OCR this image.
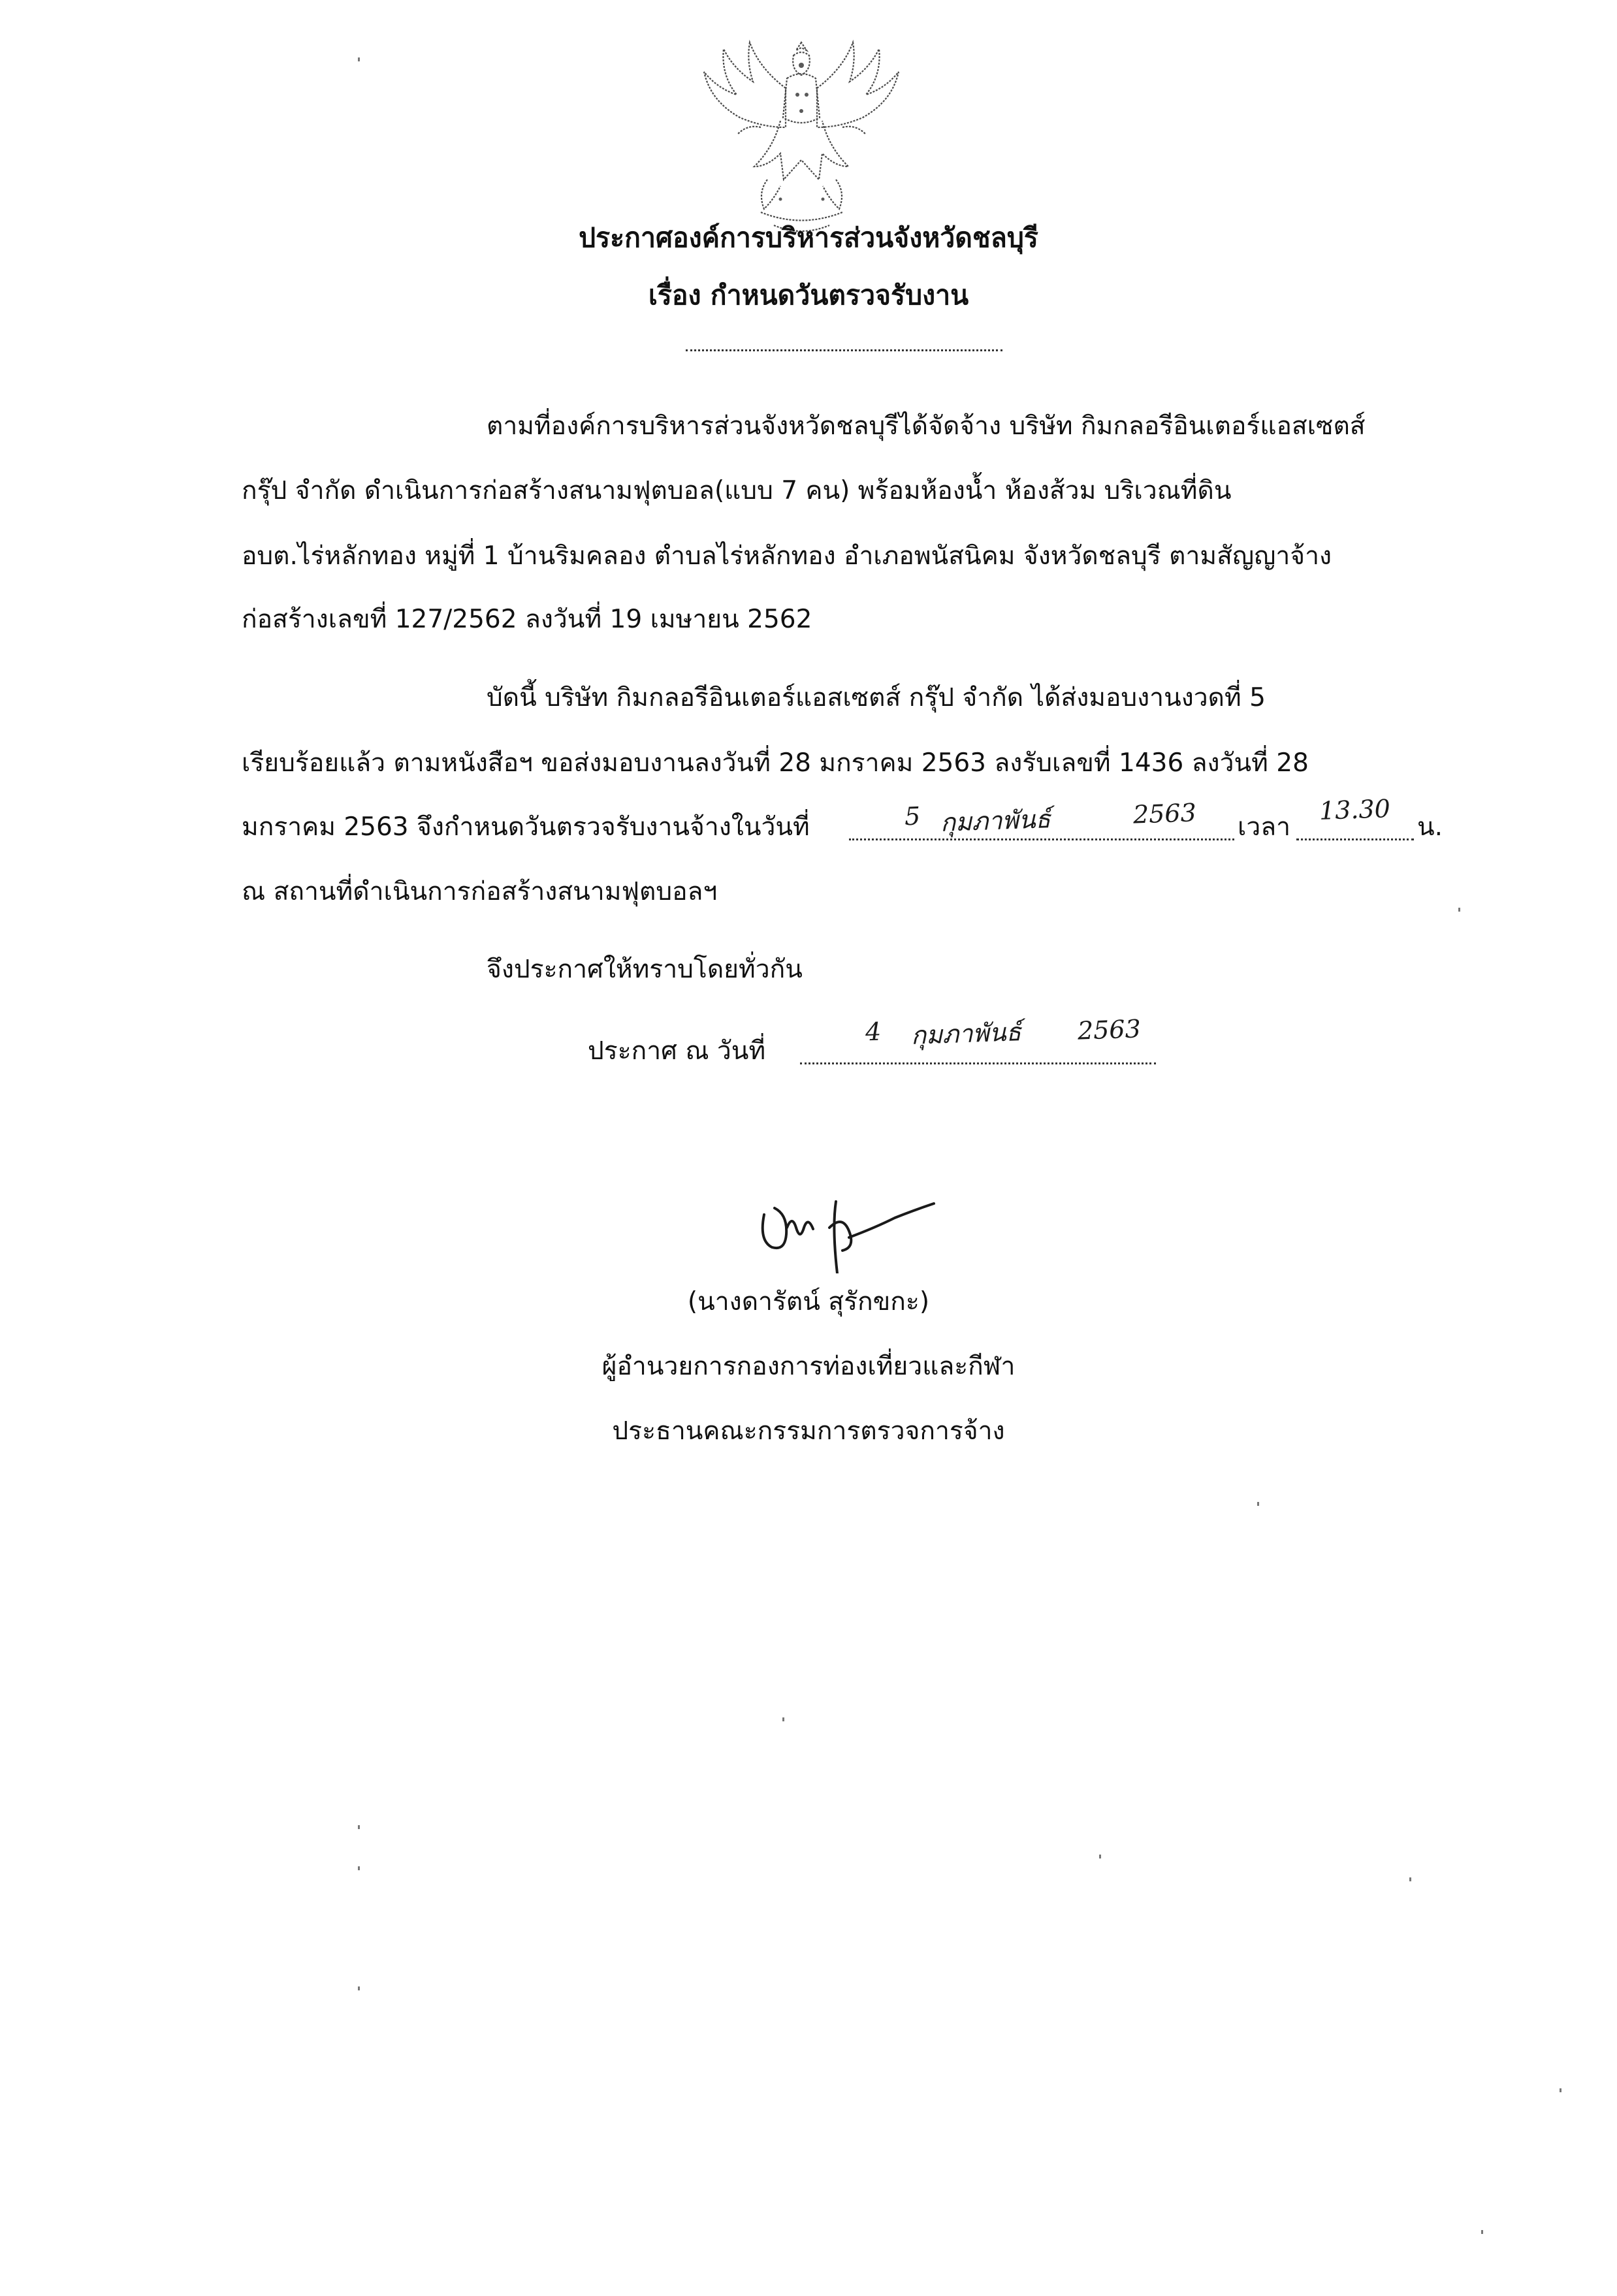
ประกาศองค์การบริหารส่วนจังหวัดชลบุรี
เรื่อง กำหนดวันตรวจรับงาน
ตามที่องค์การบริหารส่วนจังหวัดชลบุรีได้จัดจ้าง บริษัท กิมกลอรีอินเตอร์แอสเซตส์
กรุ๊ป จำกัด ดำเนินการก่อสร้างสนามฟุตบอล(แบบ 7 คน) พร้อมห้องน้ำ ห้องส้วม บริเวณที่ดิน
อบต.ไร่หลักทอง หมู่ที่ 1 บ้านริมคลอง ตำบลไร่หลักทอง อำเภอพนัสนิคม จังหวัดชลบุรี ตามสัญญาจ้าง
ก่อสร้างเลขที่ 127/2562 ลงวันที่ 19 เมษายน 2562
บัดนี้ บริษัท กิมกลอรีอินเตอร์แอสเซตส์ กรุ๊ป จำกัด ได้ส่งมอบงานงวดที่ 5
เรียบร้อยแล้ว ตามหนังสือฯ ขอส่งมอบงานลงวันที่ 28 มกราคม 2563 ลงรับเลขที่ 1436 ลงวันที่ 28
มกราคม 2563 จึงกำหนดวันตรวจรับงานจ้างในวันที่	5 กุมภาพันธ์	2563 เวลา
13.30
น.
ณ สถานที่ดำเนินการก่อสร้างสนามฟุตบอลฯ
จึงประกาศให้ทราบโดยทั่วกัน
ประกาศ ณ วันที่
4 กุมภาพันธ์ 2563
(นางดารัตน์ สุรักขกะ)
ผู้อำนวยการกองการท่องเที่ยวและกีฬา
ประธานคณะกรรมการตรวจการจ้าง
